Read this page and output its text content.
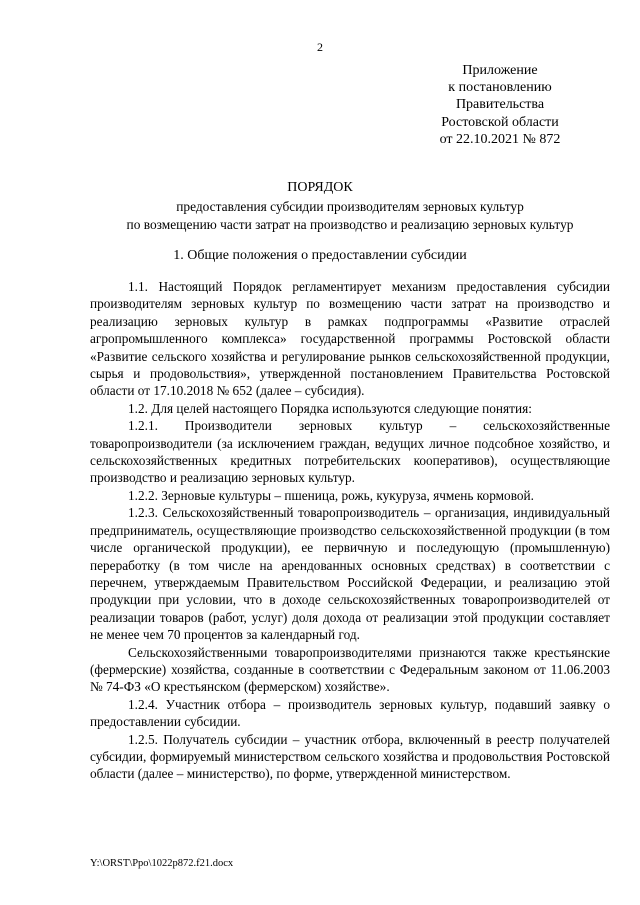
2
Приложение
к постановлению
Правительства
Ростовской области
от 22.10.2021 № 872
ПОРЯДОК
предоставления субсидии производителям зерновых культур
по возмещению части затрат на производство и реализацию зерновых культур
1. Общие положения о предоставлении субсидии

1.1. Настоящий Порядок регламентирует механизм предоставления субсидии производителям зерновых культур по возмещению части затрат на производство и реализацию зерновых культур в рамках подпрограммы «Развитие отраслей агропромышленного комплекса» государственной программы Ростовской области «Развитие сельского хозяйства и регулирование рынков сельскохозяйственной продукции, сырья и продовольствия», утвержденной постановлением Правительства Ростовской области от 17.10.2018 № 652 (далее – субсидия).

1.2. Для целей настоящего Порядка используются следующие понятия:

1.2.1. Производители зерновых культур – сельскохозяйственные товаропроизводители (за исключением граждан, ведущих личное подсобное хозяйство, и сельскохозяйственных кредитных потребительских кооперативов), осуществляющие производство и реализацию зерновых культур.

1.2.2. Зерновые культуры – пшеница, рожь, кукуруза, ячмень кормовой.

1.2.3. Сельскохозяйственный товаропроизводитель – организация, индивидуальный предприниматель, осуществляющие производство сельскохозяйственной продукции (в том числе органической продукции), ее первичную и последующую (промышленную) переработку (в том числе на арендованных основных средствах) в соответствии с перечнем, утверждаемым Правительством Российской Федерации, и реализацию этой продукции при условии, что в доходе сельскохозяйственных товаропроизводителей от реализации товаров (работ, услуг) доля дохода от реализации этой продукции составляет не менее чем 70 процентов за календарный год.

Сельскохозяйственными товаропроизводителями признаются также крестьянские (фермерские) хозяйства, созданные в соответствии с Федеральным законом от 11.06.2003 № 74-ФЗ «О крестьянском (фермерском) хозяйстве».

1.2.4. Участник отбора – производитель зерновых культур, подавший заявку о предоставлении субсидии.

1.2.5. Получатель субсидии – участник отбора, включенный в реестр получателей субсидии, формируемый министерством сельского хозяйства и продовольствия Ростовской области (далее – министерство), по форме, утвержденной министерством.

Y:\ORST\Ppo\1022p872.f21.docx
